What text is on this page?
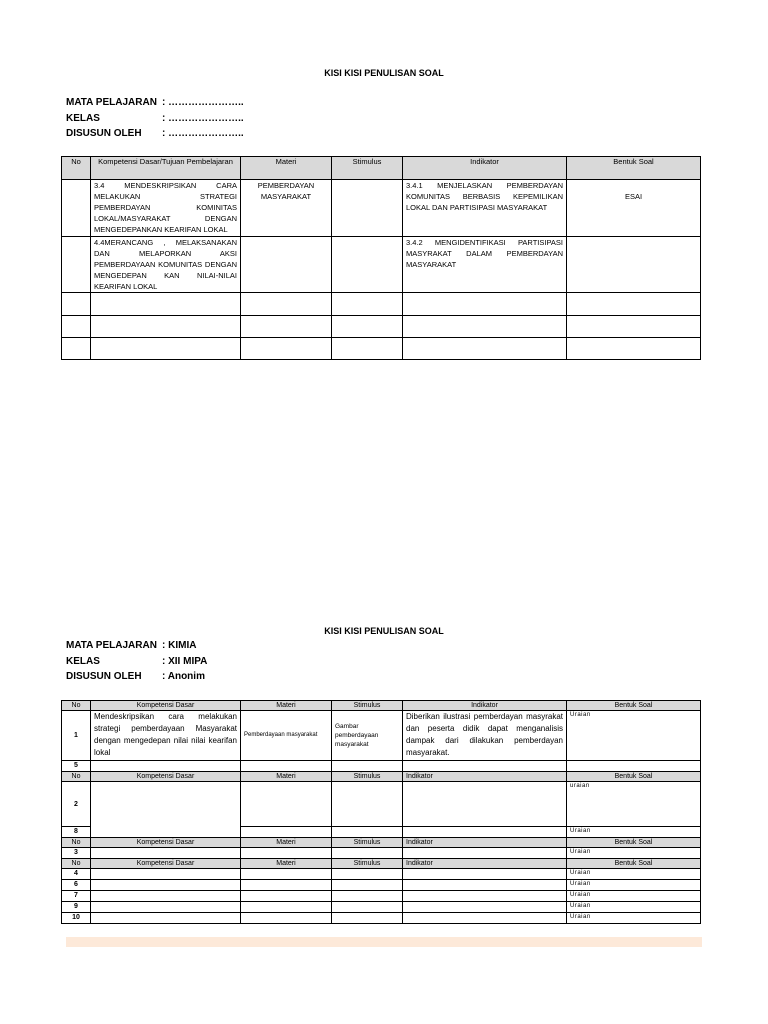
KISI KISI PENULISAN SOAL
MATA PELAJARAN : …………………..
KELAS	: …………………..
DISUSUN OLEH : …………………..
No	Kompetensi Dasar/Tujuan Pembelajaran	Materi	Stimulus	Indikator	Bentuk Soal
	3.4 MENDESKRIPSIKAN CARA MELAKUKAN STRATEGI PEMBERDAYAN KOMINITAS LOKAL/MASYARAKAT DENGAN MENGEDEPANKAN KEARIFAN LOKAL	PEMBERDAYAN MASYARAKAT		3.4.1 MENJELASKAN PEMBERDAYAN KOMUNITAS BERBASIS KEPEMILIKAN LOKAL DAN PARTISIPASI MASYARAKAT	ESAI
	4.4MERANCANG , MELAKSANAKAN DAN MELAPORKAN AKSI PEMBERDAYAAN KOMUNITAS DENGAN MENGEDEPAN KAN NILAI-NILAI KEARIFAN LOKAL			3.4.2 MENGIDENTIFIKASI PARTISIPASI MASYRAKAT DALAM PEMBERDAYAN MASYARAKAT	

KISI KISI PENULISAN SOAL
MATA PELAJARAN : KIMIA
KELAS	: XII MIPA
DISUSUN OLEH : Anonim
No	Kompetensi Dasar	Materi	Stimulus	Indikator	Bentuk Soal
1	Mendeskripsikan cara melakukan strategi pemberdayaan Masyarakat dengan mengedepan nilai nilai kearifan lokal	Pemberdayaan masyarakat	Gambar pemberdayaan masyarakat	Diberikan ilustrasi pemberdayan masyrakat dan peserta didik dapat menganalisis dampak dari dilakukan pemberdayan masyarakat.	Uraian
5					
No	Kompetensi Dasar	Materi	Stimulus	Indikator	Bentuk Soal
2					uraian
8					Uraian
No	Kompetensi Dasar	Materi	Stimulus	Indikator	Bentuk Soal
3					Uraian
No	Kompetensi Dasar	Materi	Stimulus	Indikator	Bentuk Soal
4					Uraian
6					Uraian
7					Uraian
9					Uraian
10					Uraian
